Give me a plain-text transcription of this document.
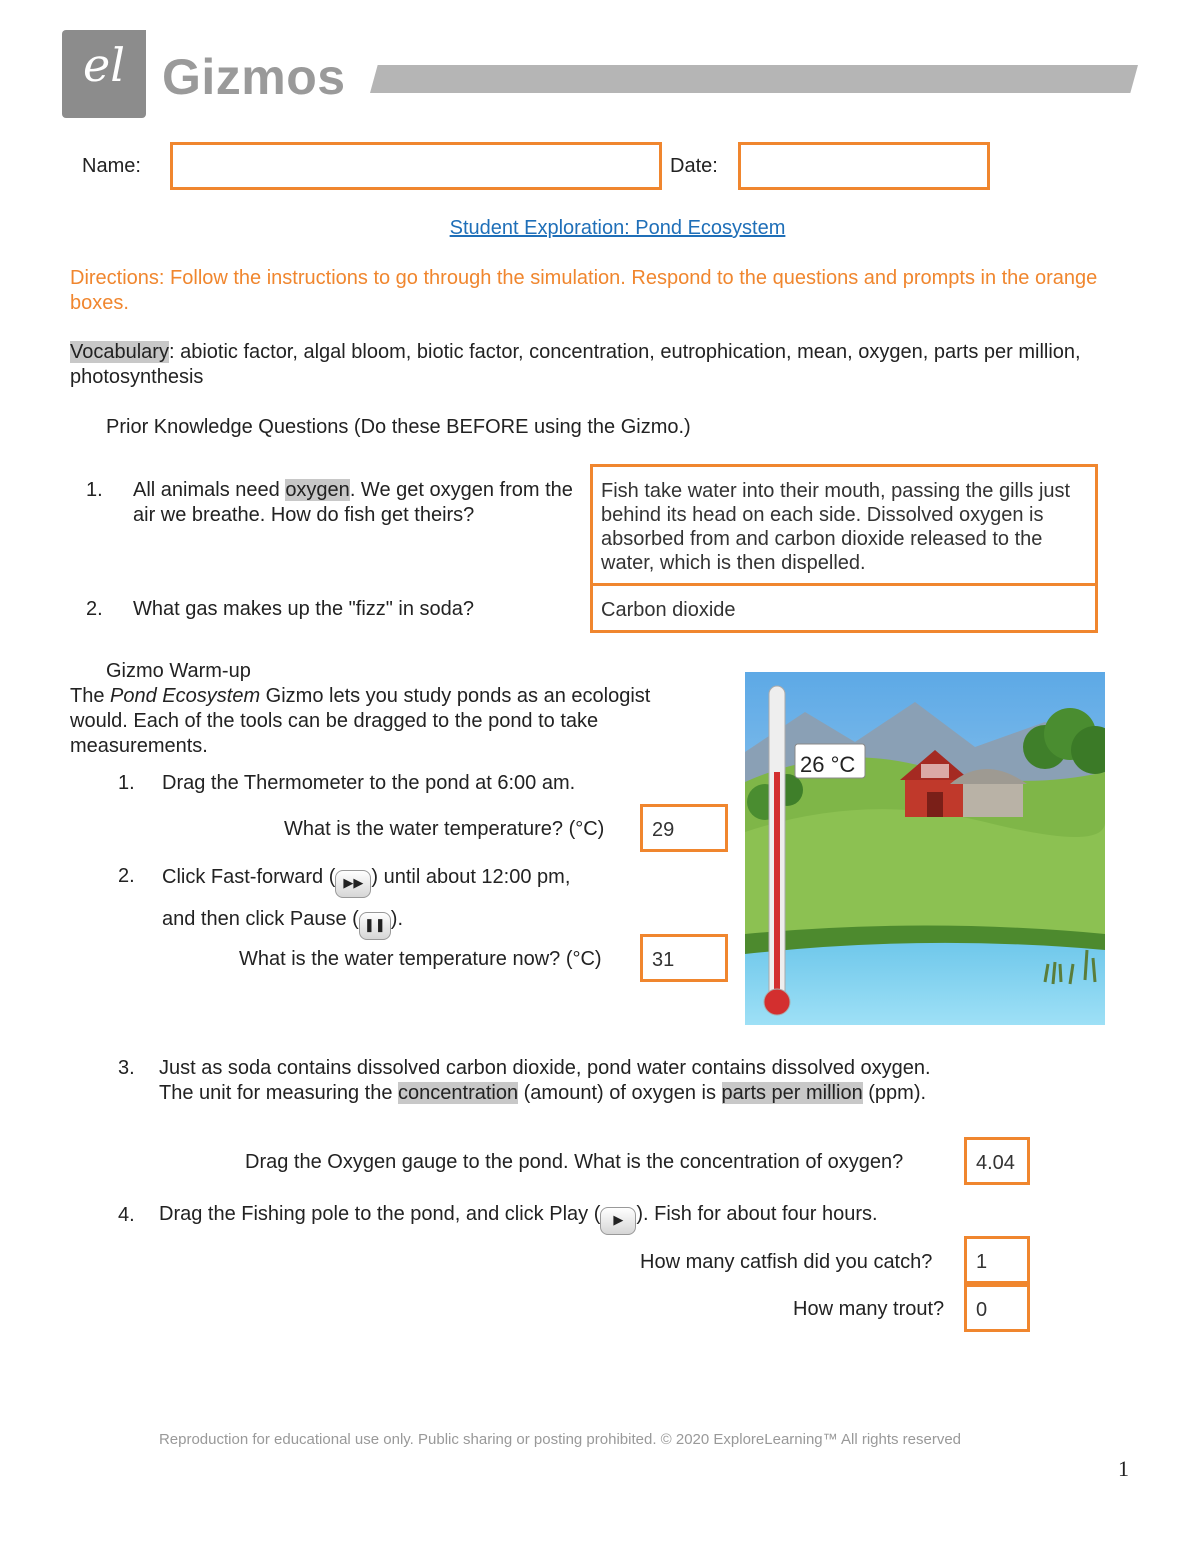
el Gizmos
Name:	Date:
Student Exploration: Pond Ecosystem
Directions: Follow the instructions to go through the simulation. Respond to the questions and prompts in the orange boxes.
Vocabulary: abiotic factor, algal bloom, biotic factor, concentration, eutrophication, mean, oxygen, parts per million, photosynthesis
Prior Knowledge Questions (Do these BEFORE using the Gizmo.)
1. All animals need oxygen. We get oxygen from the air we breathe. How do fish get theirs?
Fish take water into their mouth, passing the gills just behind its head on each side. Dissolved oxygen is absorbed from and carbon dioxide released to the water, which is then dispelled.
2. What gas makes up the "fizz" in soda?	Carbon dioxide
Gizmo Warm-up
The Pond Ecosystem Gizmo lets you study ponds as an ecologist would. Each of the tools can be dragged to the pond to take measurements.
26 °C
1. Drag the Thermometer to the pond at 6:00 am.
What is the water temperature? (°C)	29
2. Click Fast-forward ( ▶▶ ) until about 12:00 pm,
and then click Pause ( ❚❚ ).
What is the water temperature now? (°C)	31
3. Just as soda contains dissolved carbon dioxide, pond water contains dissolved oxygen. The unit for measuring the concentration (amount) of oxygen is parts per million (ppm).
Drag the Oxygen gauge to the pond. What is the concentration of oxygen?	4.04
4. Drag the Fishing pole to the pond, and click Play ( ▶ ). Fish for about four hours.
How many catfish did you catch?	1
How many trout?	0
Reproduction for educational use only. Public sharing or posting prohibited. © 2020 ExploreLearning™ All rights reserved
1
